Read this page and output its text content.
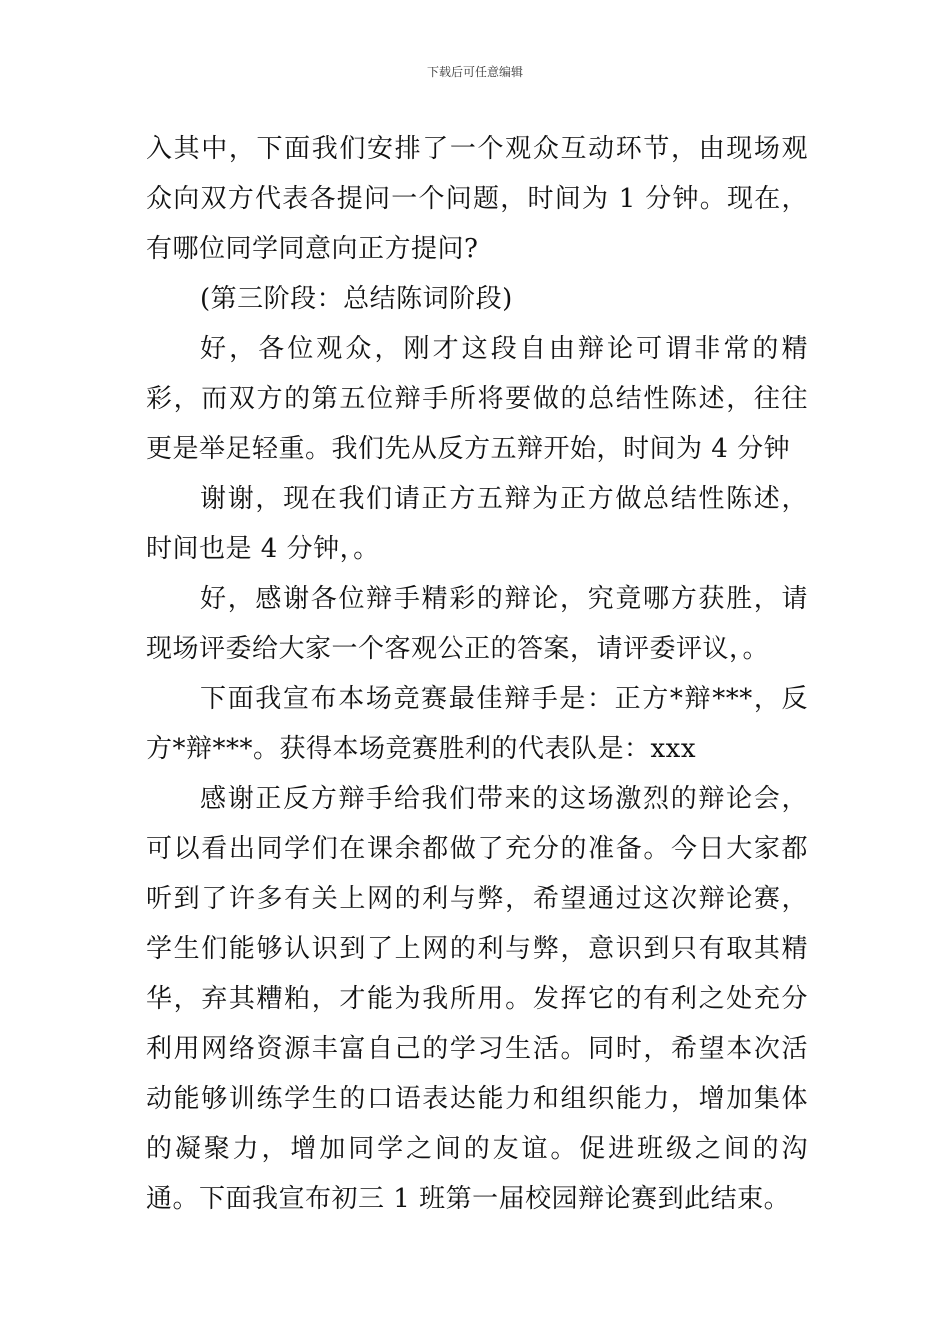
下载后可任意编辑

入其中，下面我们安排了一个观众互动环节，由现场观众向双方代表各提问一个问题，时间为 1 分钟。现在，有哪位同学同意向正方提问?

(第三阶段：总结陈词阶段)

好，各位观众，刚才这段自由辩论可谓非常的精彩，而双方的第五位辩手所将要做的总结性陈述，往往更是举足轻重。我们先从反方五辩开始，时间为 4 分钟

谢谢，现在我们请正方五辩为正方做总结性陈述，时间也是 4 分钟，。

好，感谢各位辩手精彩的辩论，究竟哪方获胜，请现场评委给大家一个客观公正的答案，请评委评议，。

下面我宣布本场竞赛最佳辩手是：正方*辩***，反方*辩***。获得本场竞赛胜利的代表队是：xxx

感谢正反方辩手给我们带来的这场激烈的辩论会，可以看出同学们在课余都做了充分的准备。今日大家都听到了许多有关上网的利与弊，希望通过这次辩论赛，学生们能够认识到了上网的利与弊，意识到只有取其精华，弃其糟粕，才能为我所用。发挥它的有利之处充分利用网络资源丰富自己的学习生活。同时，希望本次活动能够训练学生的口语表达能力和组织能力，增加集体的凝聚力，增加同学之间的友谊。促进班级之间的沟通。下面我宣布初三 1 班第一届校园辩论赛到此结束。
